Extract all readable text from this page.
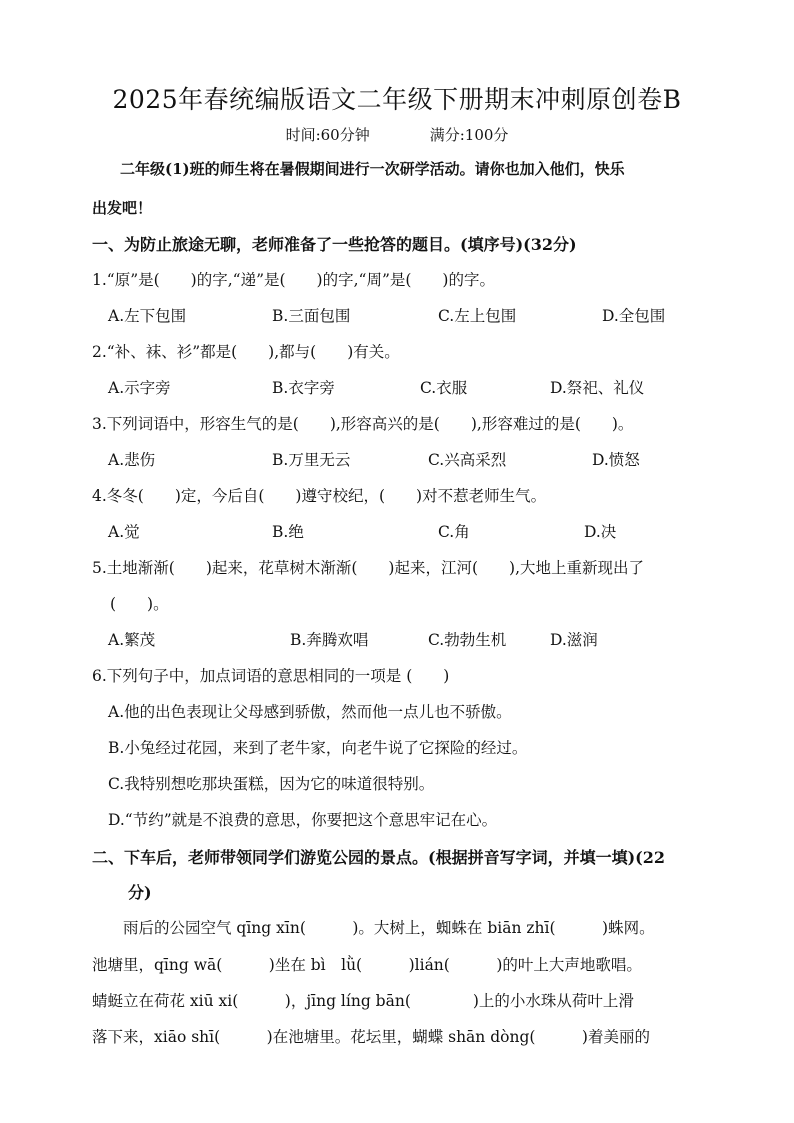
2025年春统编版语文二年级下册期末冲刺原创卷B
时间:60分钟	满分:100分
二年级(1)班的师生将在暑假期间进行一次研学活动。请你也加入他们，快乐
出发吧！
一、为防止旅途无聊，老师准备了一些抢答的题目。(填序号)(32分)
1.“原”是(　　)的字,“递”是(　　)的字,“周”是(　　)的字。
A.左下包围	B.三面包围	C.左上包围	D.全包围
2.“补、袜、衫”都是(　　),都与(　　)有关。
A.示字旁	B.衣字旁	C.衣服	D.祭祀、礼仪
3.下列词语中，形容生气的是(　　),形容高兴的是(　　),形容难过的是(　　)。
A.悲伤	B.万里无云	C.兴高采烈	D.愤怒
4.冬冬(　　)定，今后自(　　)遵守校纪，(　　)对不惹老师生气。
A.觉	B.绝	C.角	D.决
5.土地渐渐(　　)起来，花草树木渐渐(　　)起来，江河(　　),大地上重新现出了
(　　)。
A.繁茂	B.奔腾欢唱	C.勃勃生机	D.滋润
6.下列句子中，加点词语的意思相同的一项是 (　　)
A.他的出色表现让父母感到骄傲，然而他一点儿也不骄傲。
B.小兔经过花园，来到了老牛家，向老牛说了它探险的经过。
C.我特别想吃那块蛋糕，因为它的味道很特别。
D.“节约”就是不浪费的意思，你要把这个意思牢记在心。
二、下车后，老师带领同学们游览公园的景点。(根据拼音写字词，并填一填)(22
分)
　　雨后的公园空气 qīng xīn(　　　)。大树上，蜘蛛在 biān zhī(　　　)蛛网。
池塘里，qīng wā(　　　)坐在 bì　lǜ(　　　)lián(　　　)的叶上大声地歌唱。
蜻蜓立在荷花 xiū xi(　　　)，jīng líng bān(　　　　)上的小水珠从荷叶上滑
落下来，xiāo shī(　　　)在池塘里。花坛里，蝴蝶 shān dòng(　　　)着美丽的
